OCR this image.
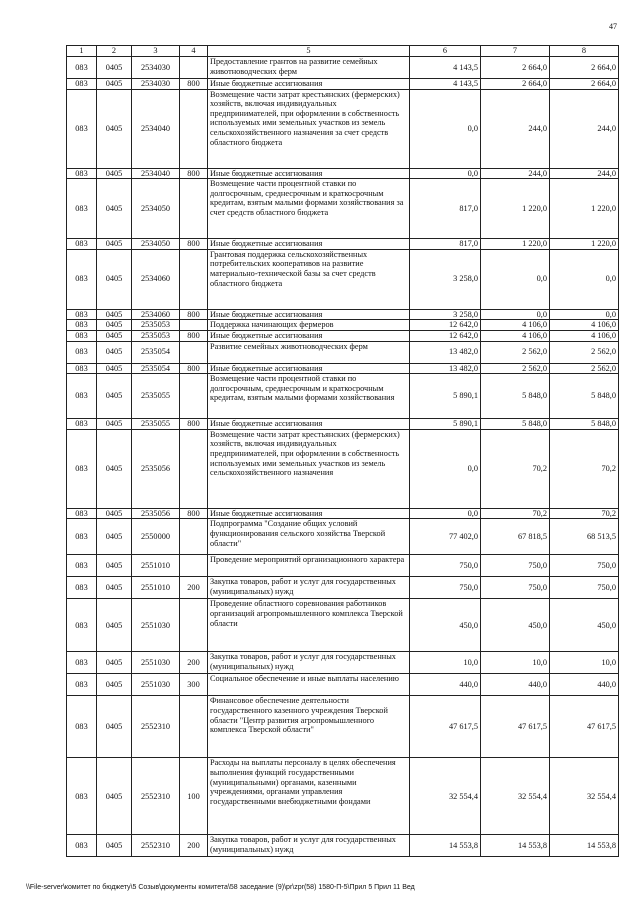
47
1	2	3	4	5	6	7	8
083	0405	2534030		Предоставление грантов на развитие семейных животноводческих ферм	4 143,5	2 664,0	2 664,0
083	0405	2534030	800	Иные бюджетные ассигнования	4 143,5	2 664,0	2 664,0
083	0405	2534040		Возмещение части затрат крестьянских (фермерских) хозяйств, включая индивидуальных предпринимателей, при оформлении в собственность используемых ими земельных участков из земель сельскохозяйственного назначения за счет средств областного бюджета	0,0	244,0	244,0
083	0405	2534040	800	Иные бюджетные ассигнования	0,0	244,0	244,0
083	0405	2534050		Возмещение части процентной ставки по долгосрочным, среднесрочным и краткосрочным кредитам, взятым малыми формами хозяйствования за счет средств областного бюджета	817,0	1 220,0	1 220,0
083	0405	2534050	800	Иные бюджетные ассигнования	817,0	1 220,0	1 220,0
083	0405	2534060		Грантовая поддержка сельскохозяйственных потребительских кооперативов на развитие материально-технической базы за счет средств областного бюджета	3 258,0	0,0	0,0
083	0405	2534060	800	Иные бюджетные ассигнования	3 258,0	0,0	0,0
083	0405	2535053		Поддержка начинающих фермеров	12 642,0	4 106,0	4 106,0
083	0405	2535053	800	Иные бюджетные ассигнования	12 642,0	4 106,0	4 106,0
083	0405	2535054		Развитие семейных животноводческих ферм	13 482,0	2 562,0	2 562,0
083	0405	2535054	800	Иные бюджетные ассигнования	13 482,0	2 562,0	2 562,0
083	0405	2535055		Возмещение части процентной ставки по долгосрочным, среднесрочным и краткосрочным кредитам, взятым малыми формами хозяйствования	5 890,1	5 848,0	5 848,0
083	0405	2535055	800	Иные бюджетные ассигнования	5 890,1	5 848,0	5 848,0
083	0405	2535056		Возмещение части затрат крестьянских (фермерских) хозяйств, включая индивидуальных предпринимателей, при оформлении в собственность используемых ими земельных участков из земель сельскохозяйственного назначения	0,0	70,2	70,2
083	0405	2535056	800	Иные бюджетные ассигнования	0,0	70,2	70,2
083	0405	2550000		Подпрограмма "Создание общих условий функционирования сельского хозяйства Тверской области"	77 402,0	67 818,5	68 513,5
083	0405	2551010		Проведение мероприятий организационного характера	750,0	750,0	750,0
083	0405	2551010	200	Закупка товаров, работ и услуг для государственных (муниципальных) нужд	750,0	750,0	750,0
083	0405	2551030		Проведение областного соревнования работников организаций агропромышленного комплекса Тверской области	450,0	450,0	450,0
083	0405	2551030	200	Закупка товаров, работ и услуг для государственных (муниципальных) нужд	10,0	10,0	10,0
083	0405	2551030	300	Социальное обеспечение и иные выплаты населению	440,0	440,0	440,0
083	0405	2552310		Финансовое обеспечение деятельности государственного казенного учреждения Тверской области "Центр развития агропромышленного комплекса Тверской области"	47 617,5	47 617,5	47 617,5
083	0405	2552310	100	Расходы на выплаты персоналу в целях обеспечения выполнения функций государственными (муниципальными) органами, казенными учреждениями, органами управления государственными внебюджетными фондами	32 554,4	32 554,4	32 554,4
083	0405	2552310	200	Закупка товаров, работ и услуг для государственных (муниципальных) нужд	14 553,8	14 553,8	14 553,8
\\File-server\комитет по бюджету\5 Созыв\документы комитета\58 заседание (9)\pr\zpr(58) 1580-П-5\Прил 5 Прил 11 Вед
